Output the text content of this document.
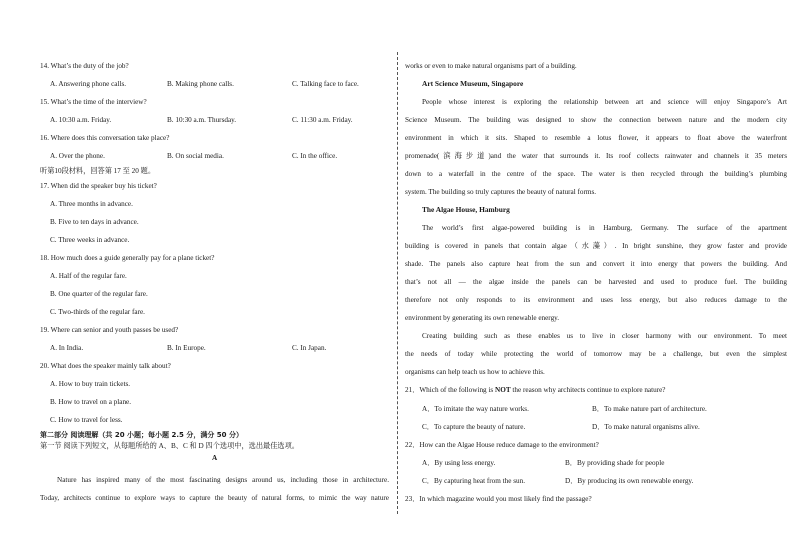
14. What’s the duty of the job?
A. Answering phone calls.	B. Making phone calls.	C. Talking face to face.
15. What’s the time of the interview?
A. 10:30 a.m. Friday.	B. 10:30 a.m. Thursday.	C. 11:30 a.m. Friday.
16. Where does this conversation take place?
A. Over the phone.	B. On social media.	C. In the office.
听第10段材料，回答第 17 至 20 题。
17. When did the speaker buy his ticket?
A. Three months in advance.
B. Five to ten days in advance.
C. Three weeks in advance.
18. How much does a guide generally pay for a plane ticket?
A. Half of the regular fare.
B. One quarter of the regular fare.
C. Two-thirds of the regular fare.
19. Where can senior and youth passes be used?
A. In India.	B. In Europe.	C. In Japan.
20. What does the speaker mainly talk about?
A. How to buy train tickets.
B. How to travel on a plane.
C. How to travel for less.
第二部分 阅读理解（共 20 小题；每小题 2.5 分，满分 50 分）
第一节 阅读下列短文，从每题所给的 A、B、C 和 D 四个选项中，选出最佳选项。
A
Nature has inspired many of the most fascinating designs around us, including those in architecture.
Today, architects continue to explore ways to capture the beauty of natural forms, to mimic the way nature
works or even to make natural organisms part of a building.
Art Science Museum, Singapore
People whose interest is exploring the relationship between art and science will enjoy Singapore’s Art
Science Museum. The building was designed to show the connection between nature and the modern city
environment in which it sits. Shaped to resemble a lotus flower, it appears to float above the waterfront
promenade(滨海步道)and the water that surrounds it. Its roof collects rainwater and channels it 35 meters
down to a waterfall in the centre of the space. The water is then recycled through the building’s plumbing
system. The building so truly captures the beauty of natural forms.
The Algae House, Hamburg
The world’s first algae-powered building is in Hamburg, Germany. The surface of the apartment
building is covered in panels that contain algae（水藻）. In bright sunshine, they grow faster and provide
shade. The panels also capture heat from the sun and convert it into energy that powers the building. And
that’s not all — the algae inside the panels can be harvested and used to produce fuel. The building
therefore not only responds to its environment and uses less energy, but also reduces damage to the
environment by generating its own renewable energy.
Creating building such as these enables us to live in closer harmony with our environment. To meet
the needs of today while protecting the world of tomorrow may be a challenge, but even the simplest
organisms can help teach us how to achieve this.
21．Which of the following is NOT the reason why architects continue to explore nature?
A．To imitate the way nature works.	B．To make nature part of architecture.
C．To capture the beauty of nature.	D．To make natural organisms alive.
22．How can the Algae House reduce damage to the environment?
A．By using less energy.	B．By providing shade for people
C．By capturing heat from the sun.	D．By producing its own renewable energy.
23．In which magazine would you most likely find the passage?
